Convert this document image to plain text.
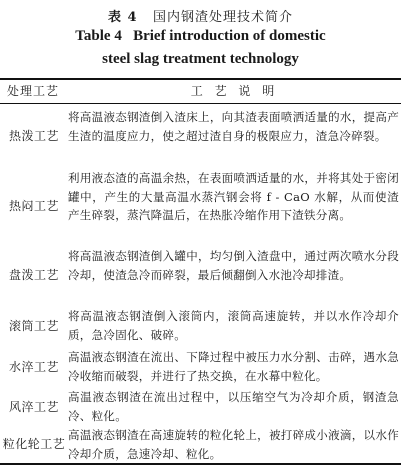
表 4 国内钢渣处理技术简介
Table 4   Brief introduction of domestic
steel slag treatment technology
处理工艺	工 艺 说 明
热泼工艺
将高温液态钢渣倒入渣床上，向其渣表面喷洒适量的水，提高产生渣的温度应力，使之超过渣自身的极限应力，渣急冷碎裂。
热闷工艺
利用液态渣的高温余热，在表面喷洒适量的水，并将其处于密闭罐中，产生的大量高温水蒸汽钢会将 f - CaO 水解，从而使渣产生碎裂，蒸汽降温后，在热胀冷缩作用下渣铁分离。
盘泼工艺
将高温液态钢渣倒入罐中，均匀倒入渣盘中，通过两次喷水分段冷却，使渣急冷而碎裂，最后倾翻倒入水池冷却排渣。
滚筒工艺
将高温液态钢渣倒入滚筒内，滚筒高速旋转，并以水作冷却介质，急冷固化、破碎。
水淬工艺
高温液态钢渣在流出、下降过程中被压力水分割、击碎，遇水急冷收缩而破裂，并进行了热交换，在水幕中粒化。
风淬工艺
高温液态钢渣在流出过程中，以压缩空气为冷却介质，钢渣急冷、粒化。
粒化轮工艺
高温液态钢渣在高速旋转的粒化轮上，被打碎成小液滴，以水作冷却介质，急速冷却、粒化。
